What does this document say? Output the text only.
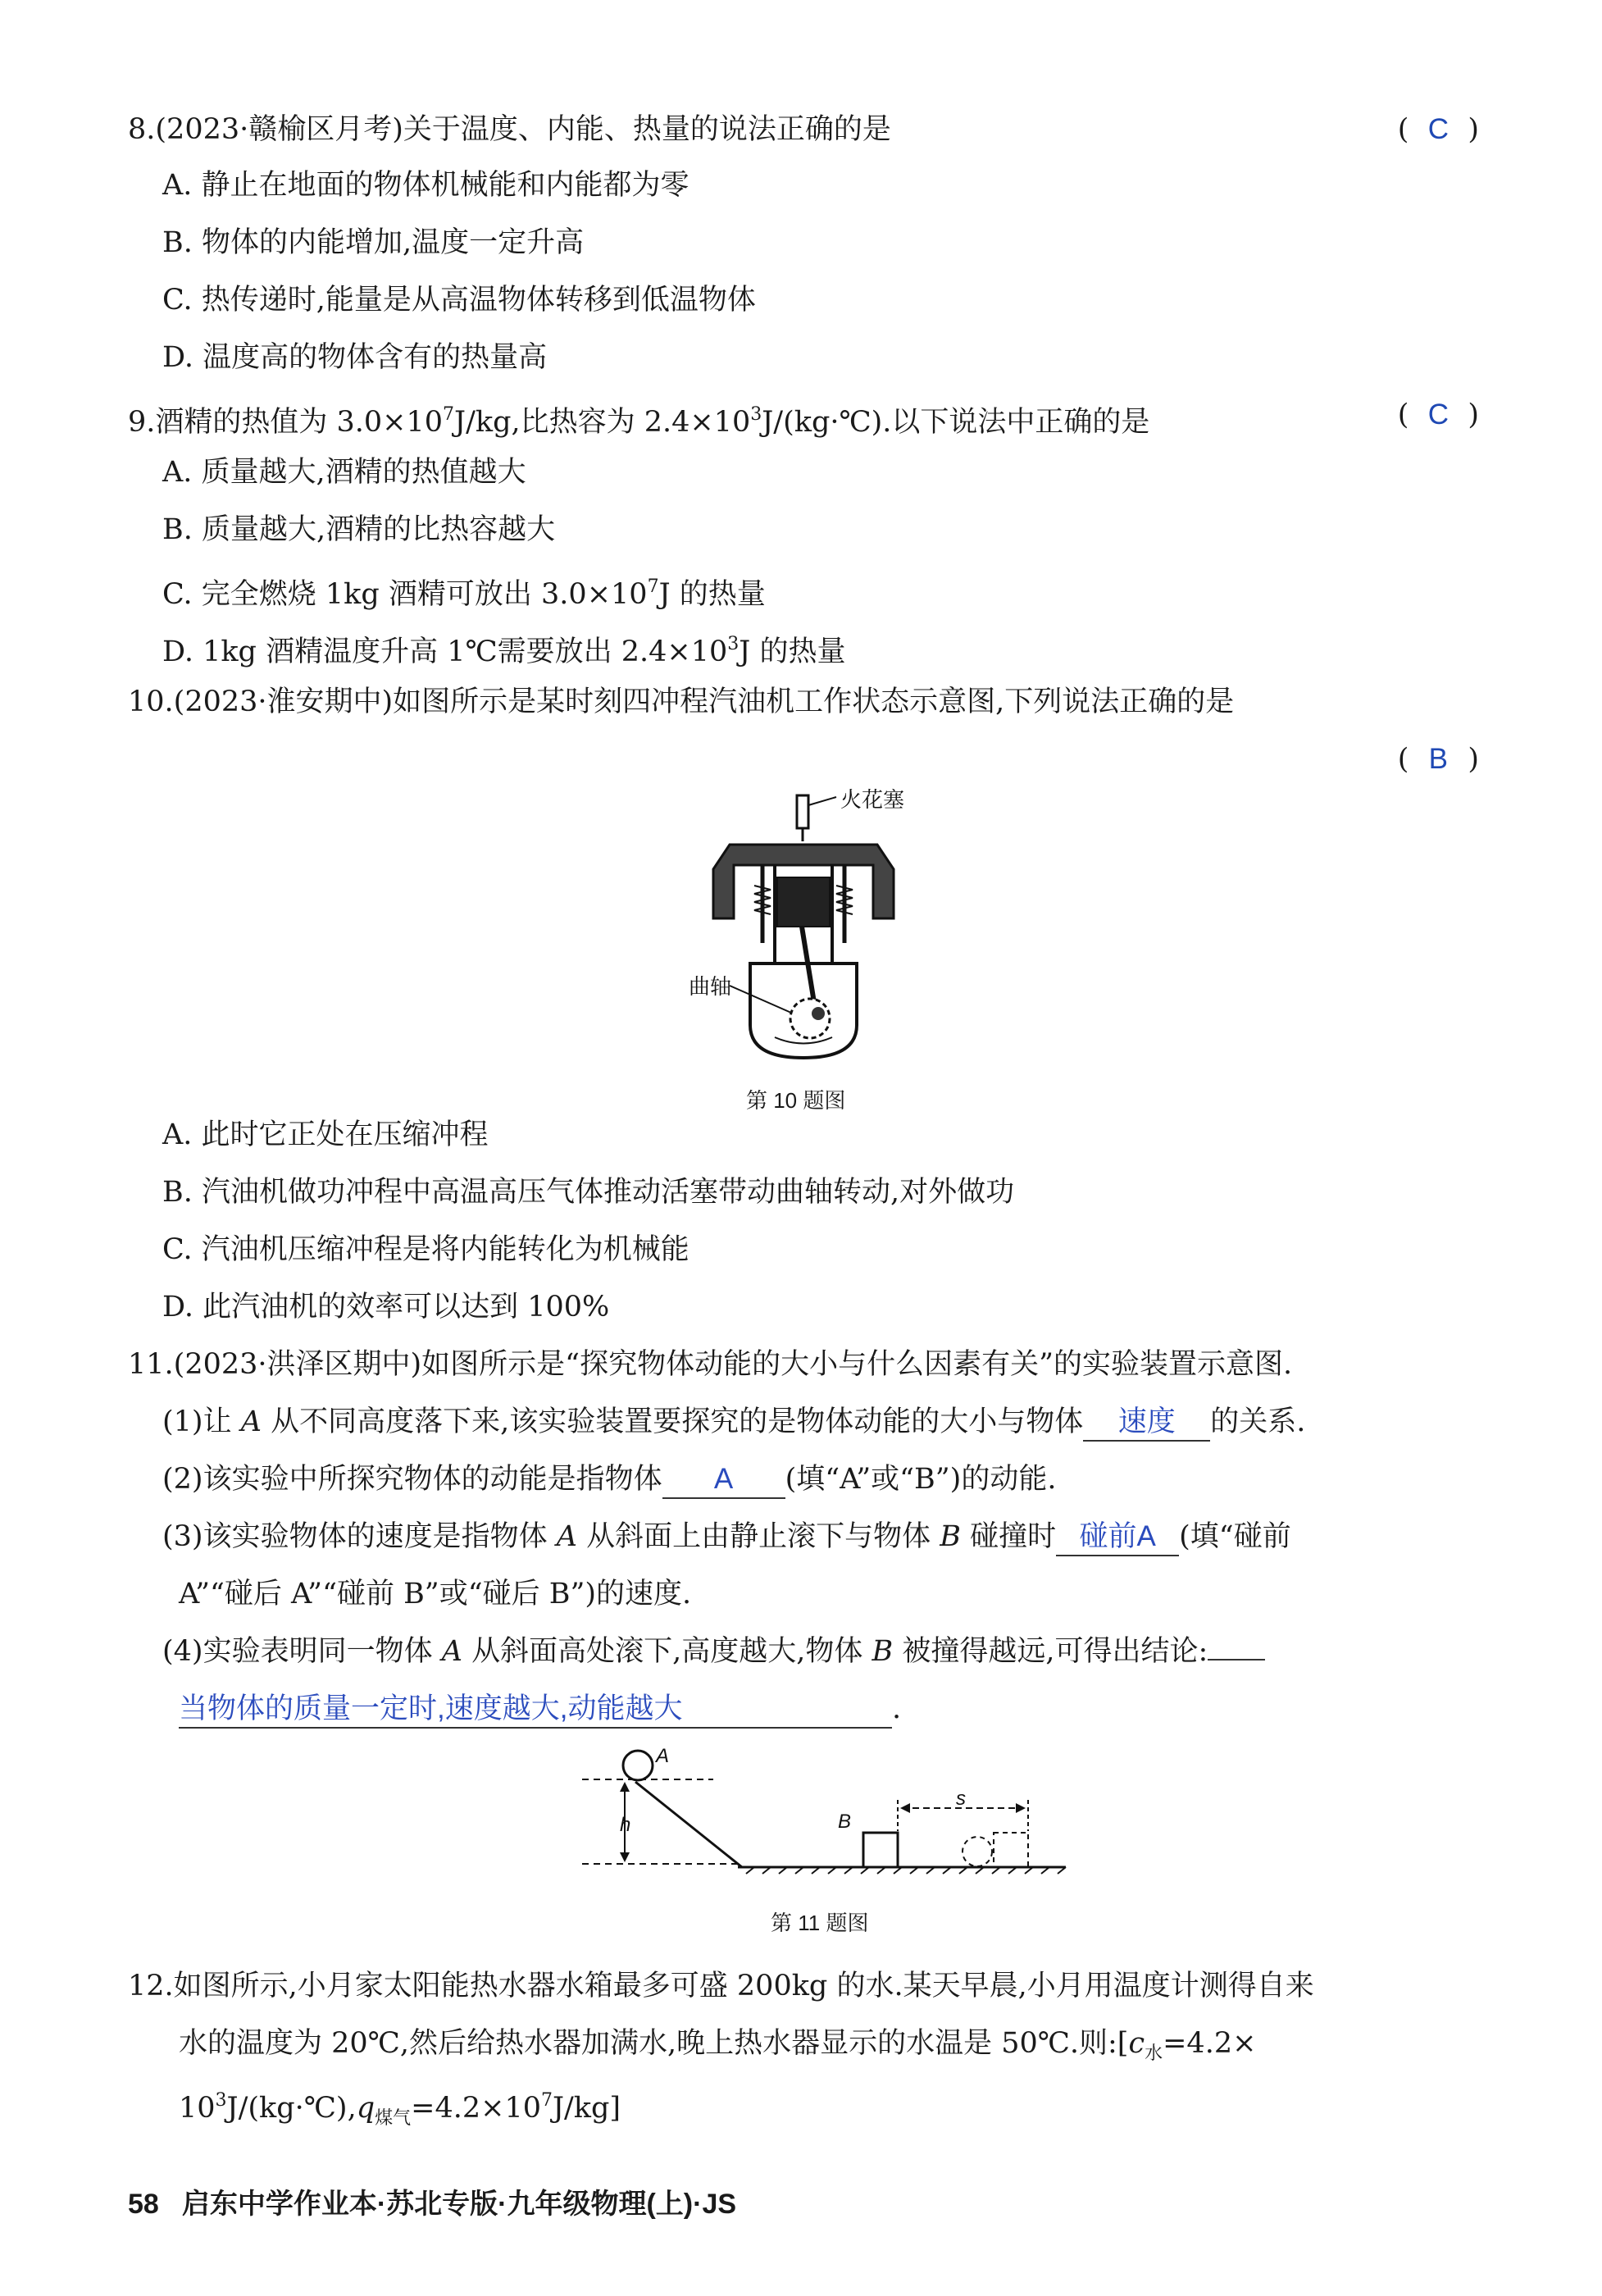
8.(2023·赣榆区月考)关于温度、内能、热量的说法正确的是	( C )
A. 静止在地面的物体机械能和内能都为零
B. 物体的内能增加,温度一定升高
C. 热传递时,能量是从高温物体转移到低温物体
D. 温度高的物体含有的热量高
9.酒精的热值为 $3.0\times 10^7J/kg$,比热容为 $2.4\times 10^3J/(kg\cdot℃)$.以下说法中正确的是	( C )
A. 质量越大,酒精的热值越大
B. 质量越大,酒精的比热容越大
C. 完全燃烧 1kg 酒精可放出 $3.0\times 10^7J$ 的热量
D. 1kg 酒精温度升高 1℃需要放出 $2.4\times 10^3J$ 的热量
10.(2023·淮安期中)如图所示是某时刻四冲程汽油机工作状态示意图,下列说法正确的是
( B )
火花塞
曲轴
第 10 题图
A. 此时它正处在压缩冲程
B. 汽油机做功冲程中高温高压气体推动活塞带动曲轴转动,对外做功
C. 汽油机压缩冲程是将内能转化为机械能
D. 此汽油机的效率可以达到 100%
11.(2023·洪泽区期中)如图所示是“探究物体动能的大小与什么因素有关”的实验装置示意图.
(1)让 A 从不同高度落下来,该实验装置要探究的是物体动能的大小与物体 速度 的关系.
(2)该实验中所探究物体的动能是指物体 A (填“A”或“B”)的动能.
(3)该实验物体的速度是指物体 A 从斜面上由静止滚下与物体 B 碰撞时 碰前A (填“碰前
A”“碰后 A”“碰前 B”或“碰后 B”)的速度.
(4)实验表明同一物体 A 从斜面高处滚下,高度越大,物体 B 被撞得越远,可得出结论:
当物体的质量一定时,速度越大,动能越大	.
h
A
B
s
第 11 题图
12.如图所示,小月家太阳能热水器水箱最多可盛 200kg 的水.某天早晨,小月用温度计测得自来
水的温度为 20℃,然后给热水器加满水,晚上热水器显示的水温是 50℃.则$:[c_水=4.2\times$
$10^3J/(kg\cdot℃),q_{煤气}=4.2\times 10^7J/kg$]
58 启东中学作业本·苏北专版·九年级物理(上)·JS
